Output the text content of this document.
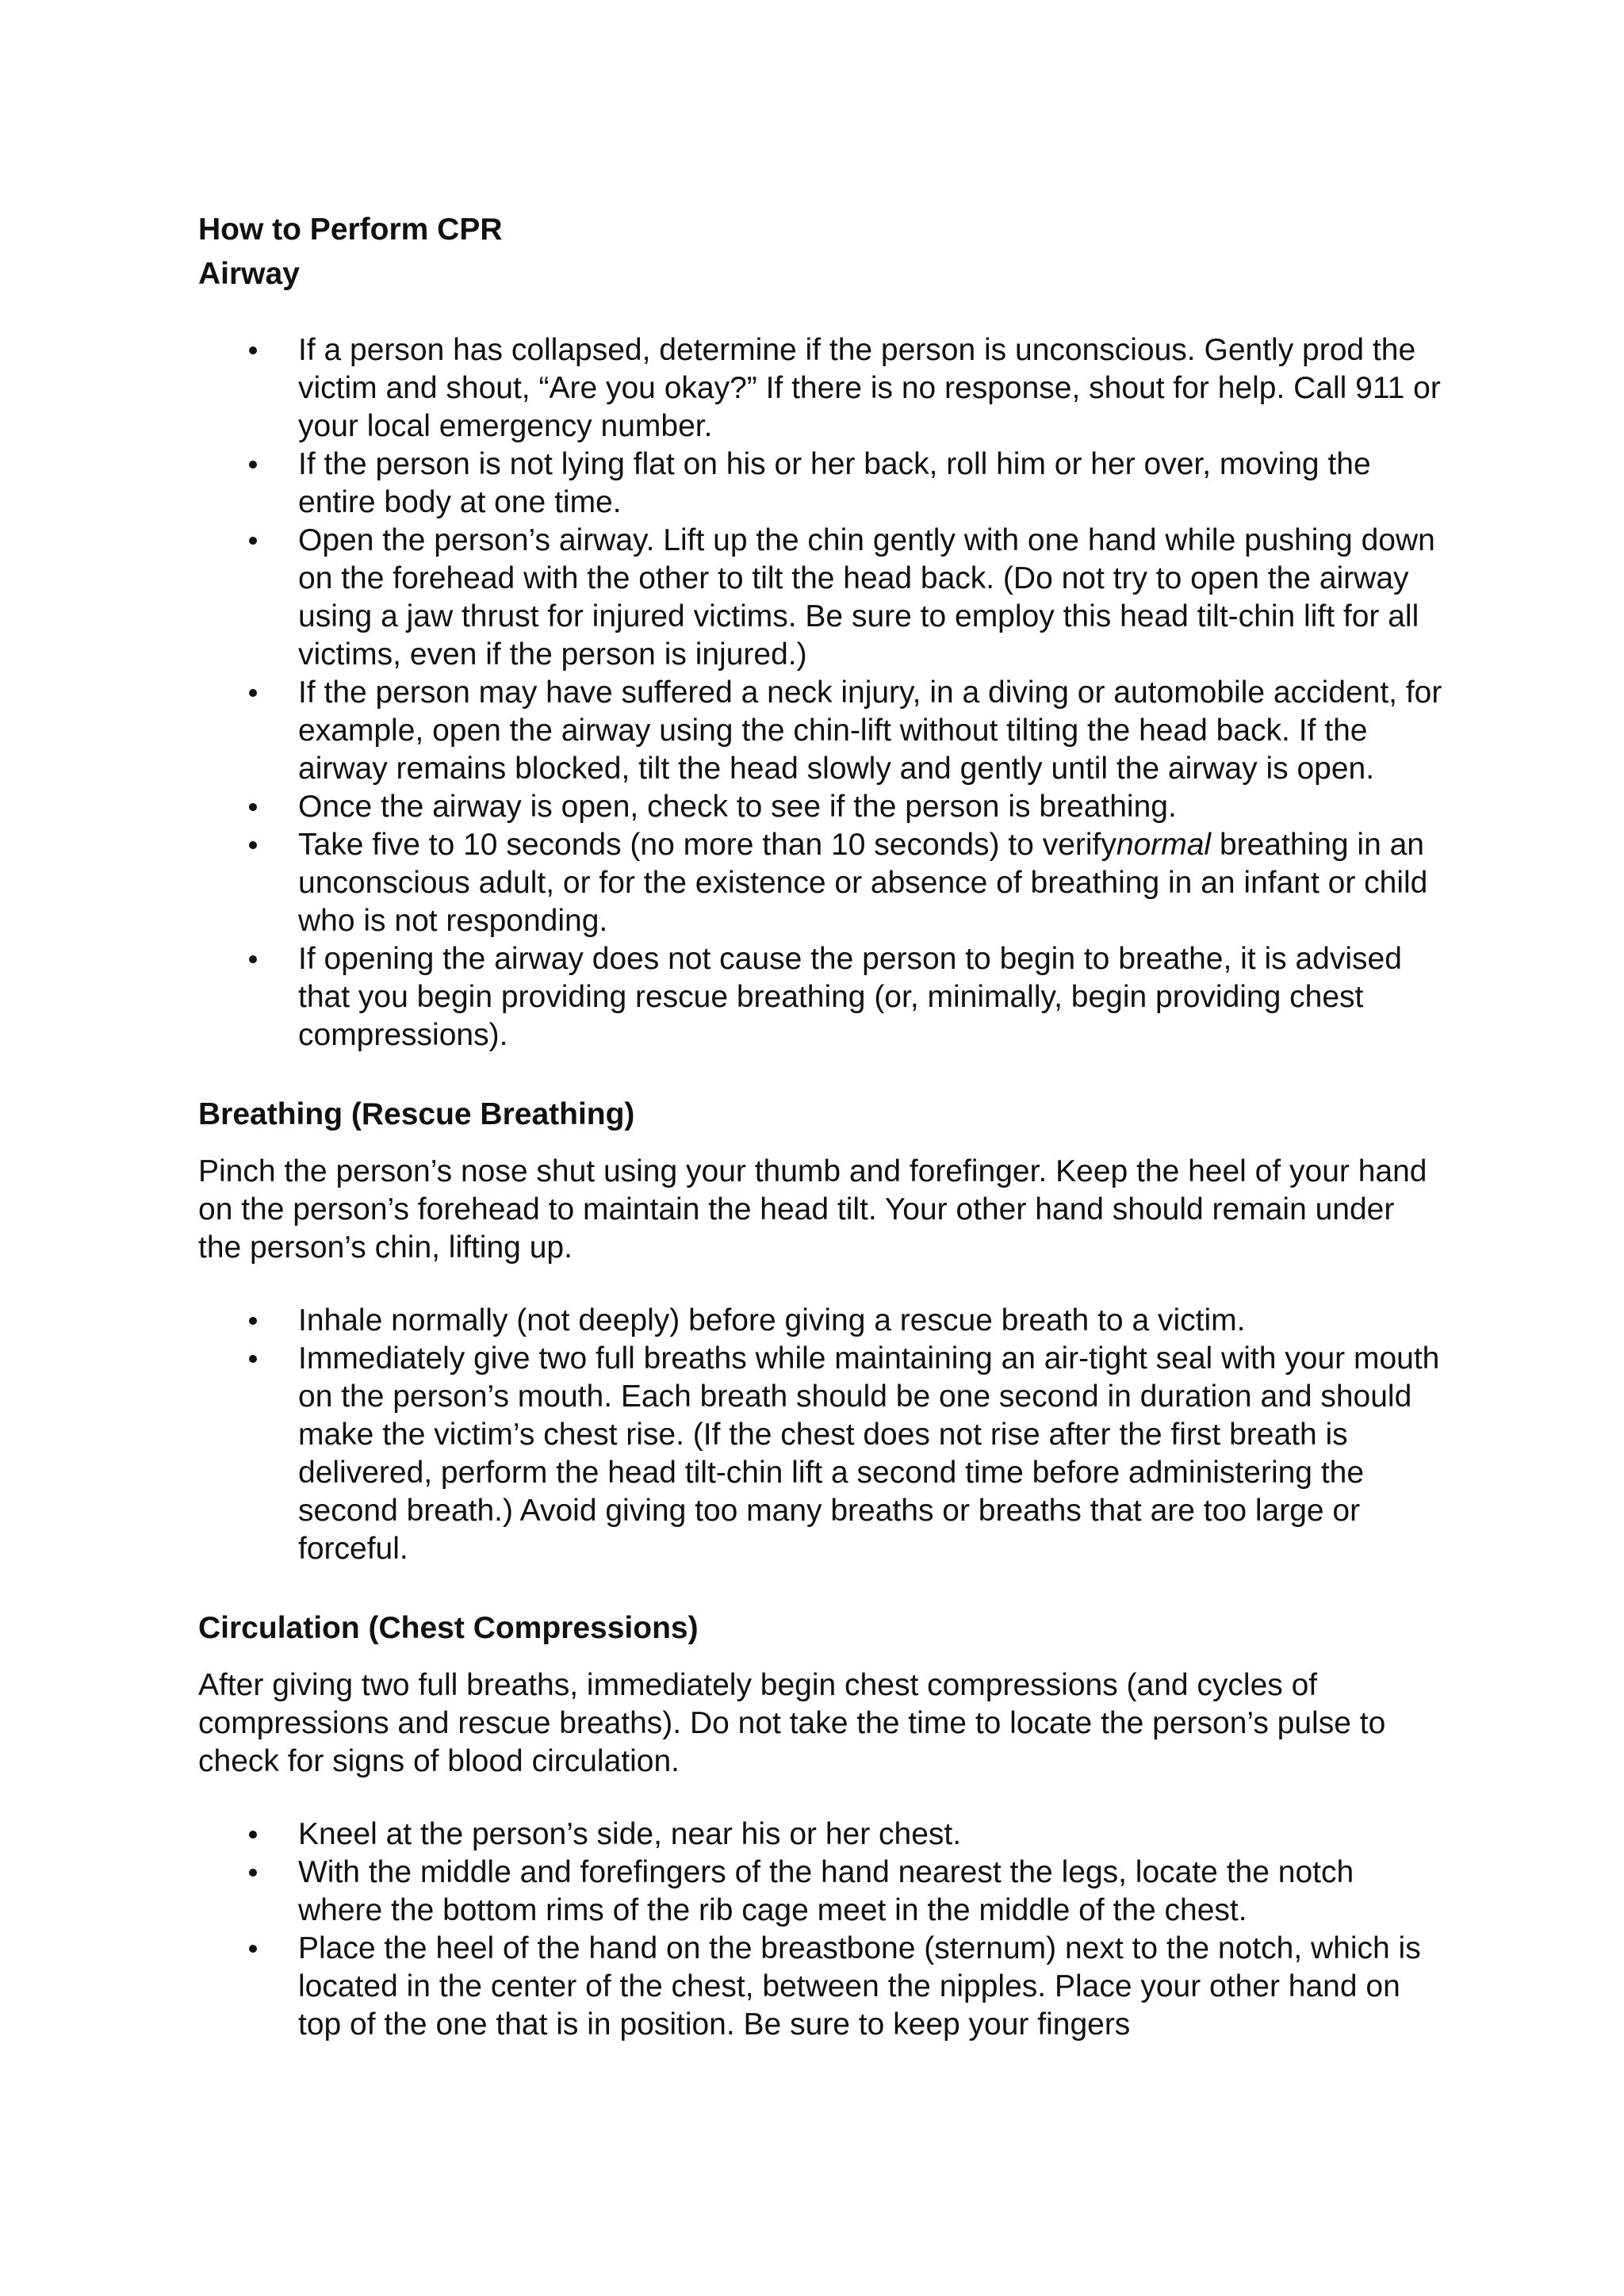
How to Perform CPR
Airway
If a person has collapsed, determine if the person is unconscious. Gently prod the victim and shout, “Are you okay?” If there is no response, shout for help. Call 911 or your local emergency number.
If the person is not lying flat on his or her back, roll him or her over, moving the entire body at one time.
Open the person’s airway. Lift up the chin gently with one hand while pushing down on the forehead with the other to tilt the head back. (Do not try to open the airway using a jaw thrust for injured victims. Be sure to employ this head tilt-chin lift for all victims, even if the person is injured.)
If the person may have suffered a neck injury, in a diving or automobile accident, for example, open the airway using the chin-lift without tilting the head back. If the airway remains blocked, tilt the head slowly and gently until the airway is open.
Once the airway is open, check to see if the person is breathing.
Take five to 10 seconds (no more than 10 seconds) to verifynormal breathing in an unconscious adult, or for the existence or absence of breathing in an infant or child who is not responding.
If opening the airway does not cause the person to begin to breathe, it is advised that you begin providing rescue breathing (or, minimally, begin providing chest compressions).
Breathing (Rescue Breathing)

Pinch the person’s nose shut using your thumb and forefinger. Keep the heel of your hand on the person’s forehead to maintain the head tilt. Your other hand should remain under the person’s chin, lifting up.

Inhale normally (not deeply) before giving a rescue breath to a victim.
Immediately give two full breaths while maintaining an air-tight seal with your mouth on the person’s mouth. Each breath should be one second in duration and should make the victim’s chest rise. (If the chest does not rise after the first breath is delivered, perform the head tilt-chin lift a second time before administering the second breath.) Avoid giving too many breaths or breaths that are too large or forceful.
Circulation (Chest Compressions)

After giving two full breaths, immediately begin chest compressions (and cycles of compressions and rescue breaths). Do not take the time to locate the person’s pulse to check for signs of blood circulation.

Kneel at the person’s side, near his or her chest.
With the middle and forefingers of the hand nearest the legs, locate the notch where the bottom rims of the rib cage meet in the middle of the chest.
Place the heel of the hand on the breastbone (sternum) next to the notch, which is located in the center of the chest, between the nipples. Place your other hand on top of the one that is in position. Be sure to keep your fingers
